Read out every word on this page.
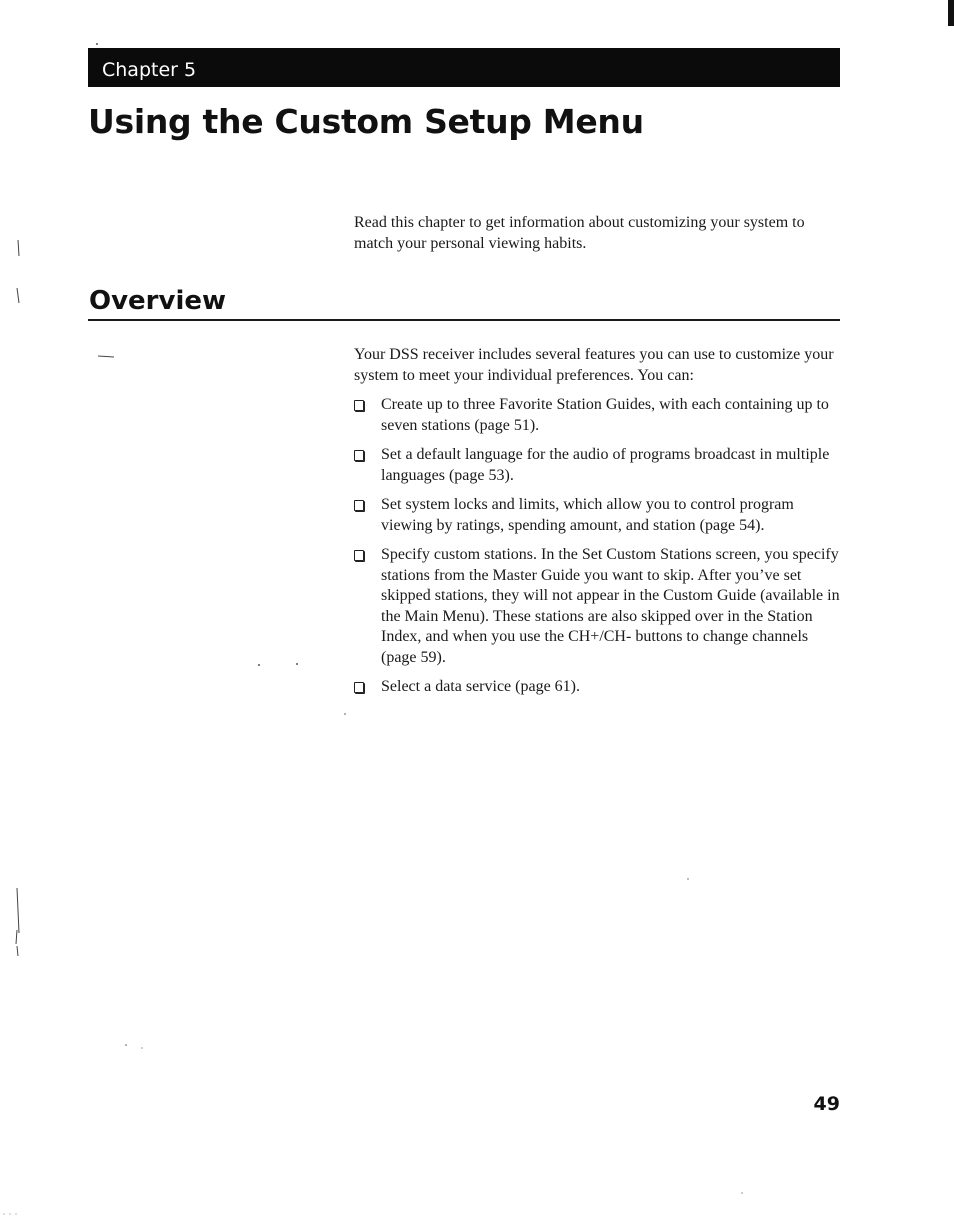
Chapter 5
Using the Custom Setup Menu

Read this chapter to get information about customizing your system to match your personal viewing habits.

Overview

Your DSS receiver includes several features you can use to customize your system to meet your individual preferences. You can:

Create up to three Favorite Station Guides, with each containing up to seven stations (page 51).
Set a default language for the audio of programs broadcast in multiple languages (page 53).
Set system locks and limits, which allow you to control program viewing by ratings, spending amount, and station (page 54).
Specify custom stations. In the Set Custom Stations screen, you specify stations from the Master Guide you want to skip. After you’ve set skipped stations, they will not appear in the Custom Guide (available in the Main Menu). These stations are also skipped over in the Station Index, and when you use the CH+/CH- buttons to change channels (page 59).
Select a data service (page 61).
49
